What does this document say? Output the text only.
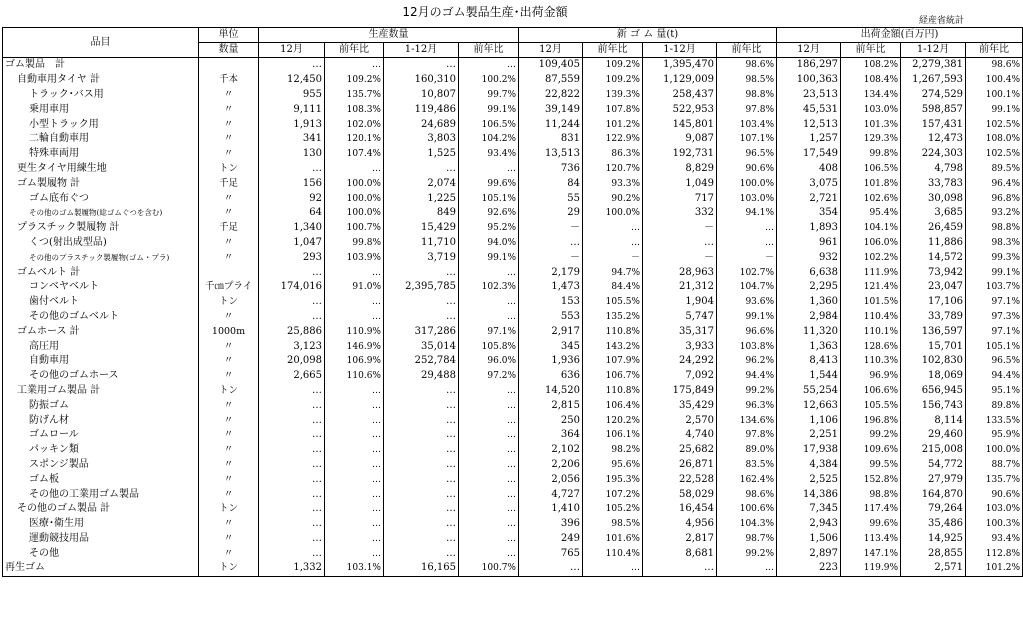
12月のゴム製品生産･出荷金額
経産省統計
品目	単位	生産数量				新 ゴ ム 量(t)				出荷金額(百万円)			
	数量	12月	前年比	1-12月	前年比	12月	前年比	1-12月	前年比	12月	前年比	1-12月	前年比
ゴム製品　計		…	…	…	…	109,405	109.2%	1,395,470	98.6%	186,297	108.2%	2,279,381	98.6%
自動車用タイヤ 計	千本	12,450	109.2%	160,310	100.2%	87,559	109.2%	1,129,009	98.5%	100,363	108.4%	1,267,593	100.4%
トラック･バス用	〃	955	135.7%	10,807	99.7%	22,822	139.3%	258,437	98.8%	23,513	134.4%	274,529	100.1%
乗用車用	〃	9,111	108.3%	119,486	99.1%	39,149	107.8%	522,953	97.8%	45,531	103.0%	598,857	99.1%
小型トラック用	〃	1,913	102.0%	24,689	106.5%	11,244	101.2%	145,801	103.4%	12,513	101.3%	157,431	102.5%
二輪自動車用	〃	341	120.1%	3,803	104.2%	831	122.9%	9,087	107.1%	1,257	129.3%	12,473	108.0%
特殊車両用	〃	130	107.4%	1,525	93.4%	13,513	86.3%	192,731	96.5%	17,549	99.8%	224,303	102.5%
更生タイヤ用練生地	トン	…	…	…	…	736	120.7%	8,829	90.6%	408	106.5%	4,798	89.5%
ゴム製履物 計	千足	156	100.0%	2,074	99.6%	84	93.3%	1,049	100.0%	3,075	101.8%	33,783	96.4%
ゴム底布ぐつ	〃	92	100.0%	1,225	105.1%	55	90.2%	717	103.0%	2,721	102.6%	30,098	96.8%
その他のゴム製履物(総ゴムぐつを含む)	〃	64	100.0%	849	92.6%	29	100.0%	332	94.1%	354	95.4%	3,685	93.2%
プラスチック製履物 計	千足	1,340	100.7%	15,429	95.2%	－	…	－	…	1,893	104.1%	26,459	98.8%
くつ(射出成型品)	〃	1,047	99.8%	11,710	94.0%	…	…	…	…	961	106.0%	11,886	98.3%
その他のプラスチック製履物(ゴム・プラ)	〃	293	103.9%	3,719	99.1%	－	－	－	－	932	102.2%	14,572	99.3%
ゴムベルト 計		…	…	…	…	2,179	94.7%	28,963	102.7%	6,638	111.9%	73,942	99.1%
コンベヤベルト	千㎝プライ	174,016	91.0%	2,395,785	102.3%	1,473	84.4%	21,312	104.7%	2,295	121.4%	23,047	103.7%
歯付ベルト	トン	…	…	…	…	153	105.5%	1,904	93.6%	1,360	101.5%	17,106	97.1%
その他のゴムベルト	〃	…	…	…	…	553	135.2%	5,747	99.1%	2,984	110.4%	33,789	97.3%
ゴムホース 計	1000m	25,886	110.9%	317,286	97.1%	2,917	110.8%	35,317	96.6%	11,320	110.1%	136,597	97.1%
高圧用	〃	3,123	146.9%	35,014	105.8%	345	143.2%	3,933	103.8%	1,363	128.6%	15,701	105.1%
自動車用	〃	20,098	106.9%	252,784	96.0%	1,936	107.9%	24,292	96.2%	8,413	110.3%	102,830	96.5%
その他のゴムホース	〃	2,665	110.6%	29,488	97.2%	636	106.7%	7,092	94.4%	1,544	96.9%	18,069	94.4%
工業用ゴム製品 計	トン	…	…	…	…	14,520	110.8%	175,849	99.2%	55,254	106.6%	656,945	95.1%
防振ゴム	〃	…	…	…	…	2,815	106.4%	35,429	96.3%	12,663	105.5%	156,743	89.8%
防げん材	〃	…	…	…	…	250	120.2%	2,570	134.6%	1,106	196.8%	8,114	133.5%
ゴムロール	〃	…	…	…	…	364	106.1%	4,740	97.8%	2,251	99.2%	29,460	95.9%
パッキン類	〃	…	…	…	…	2,102	98.2%	25,682	89.0%	17,938	109.6%	215,008	100.0%
スポンジ製品	〃	…	…	…	…	2,206	95.6%	26,871	83.5%	4,384	99.5%	54,772	88.7%
ゴム板	〃	…	…	…	…	2,056	195.3%	22,528	162.4%	2,525	152.8%	27,979	135.7%
その他の工業用ゴム製品	〃	…	…	…	…	4,727	107.2%	58,029	98.6%	14,386	98.8%	164,870	90.6%
その他のゴム製品 計	トン	…	…	…	…	1,410	105.2%	16,454	100.6%	7,345	117.4%	79,264	103.0%
医療･衛生用	〃	…	…	…	…	396	98.5%	4,956	104.3%	2,943	99.6%	35,486	100.3%
運動競技用品	〃	…	…	…	…	249	101.6%	2,817	98.7%	1,506	113.4%	14,925	93.4%
その他	〃	…	…	…	…	765	110.4%	8,681	99.2%	2,897	147.1%	28,855	112.8%
再生ゴム	トン	1,332	103.1%	16,165	100.7%	…	…	…	…	223	119.9%	2,571	101.2%
